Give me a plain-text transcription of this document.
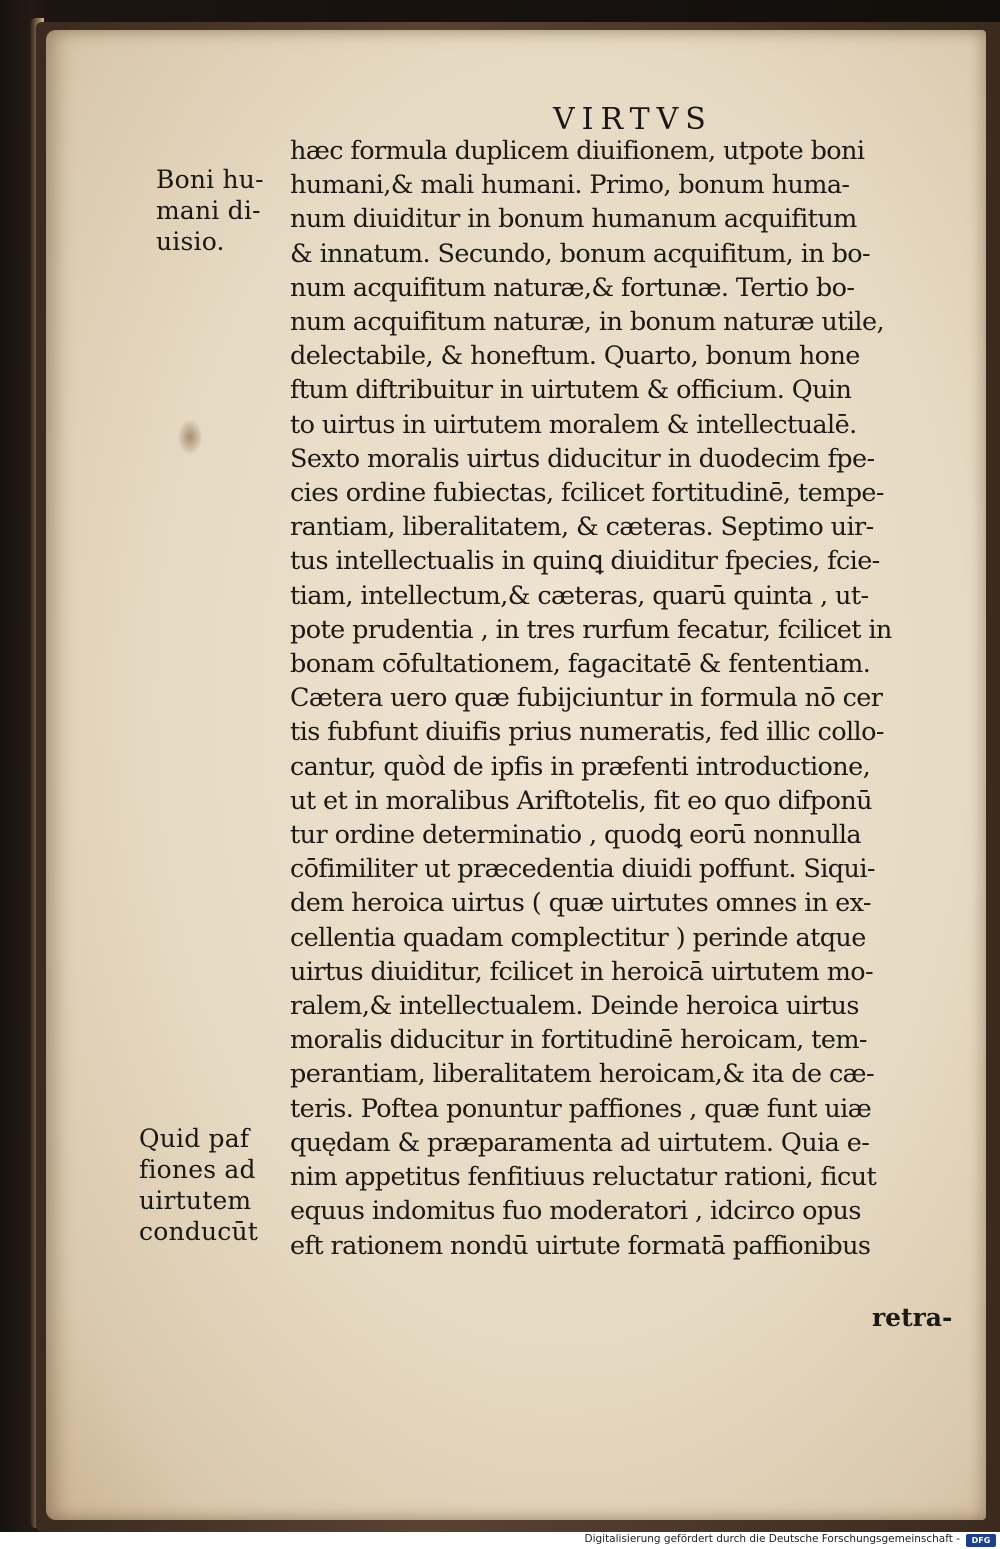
VIRTVS
Boni hu-
mani di-
uisio.
Quid paf
fiones ad
uirtutem
conducūt
hæc formula duplicem diuifionem, utpote boni
humani,& mali humani. Primo, bonum huma-
num diuiditur in bonum humanum acquifitum
& innatum. Secundo, bonum acquifitum, in bo-
num acquifitum naturæ,& fortunæ. Tertio bo-
num acquifitum naturæ, in bonum naturæ utile,
delectabile, & honeftum. Quarto, bonum hone
ftum diftribuitur in uirtutem & officium. Quin
to uirtus in uirtutem moralem & intellectualē.
Sexto moralis uirtus diducitur in duodecim fpe-
cies ordine fubiectas, fcilicet fortitudinē, tempe-
rantiam, liberalitatem, & cæteras. Septimo uir-
tus intellectualis in quinꝗ diuiditur fpecies, fcie-
tiam, intellectum,& cæteras, quarū quinta , ut-
pote prudentia , in tres rurfum fecatur, fcilicet in
bonam cōfultationem, fagacitatē & fententiam.
Cætera uero quæ fubijciuntur in formula nō cer
tis fubfunt diuifis prius numeratis, fed illic collo-
cantur, quòd de ipfis in præfenti introductione,
ut et in moralibus Ariftotelis, fit eo quo difponū
tur ordine determinatio , quodꝗ eorū nonnulla
cōfimiliter ut præcedentia diuidi poffunt. Siqui-
dem heroica uirtus ( quæ uirtutes omnes in ex-
cellentia quadam complectitur ) perinde atque
uirtus diuiditur, fcilicet in heroicā uirtutem mo-
ralem,& intellectualem. Deinde heroica uirtus
moralis diducitur in fortitudinē heroicam, tem-
perantiam, liberalitatem heroicam,& ita de cæ-
teris. Poftea ponuntur paffiones , quæ funt uiæ
quędam & præparamenta ad uirtutem. Quia e-
nim appetitus fenfitiuus reluctatur rationi, ficut
equus indomitus fuo moderatori , idcirco opus
eft rationem nondū uirtute formatā paffionibus
retra-
Digitalisierung gefördert durch die Deutsche Forschungsgemeinschaft -	DFG
